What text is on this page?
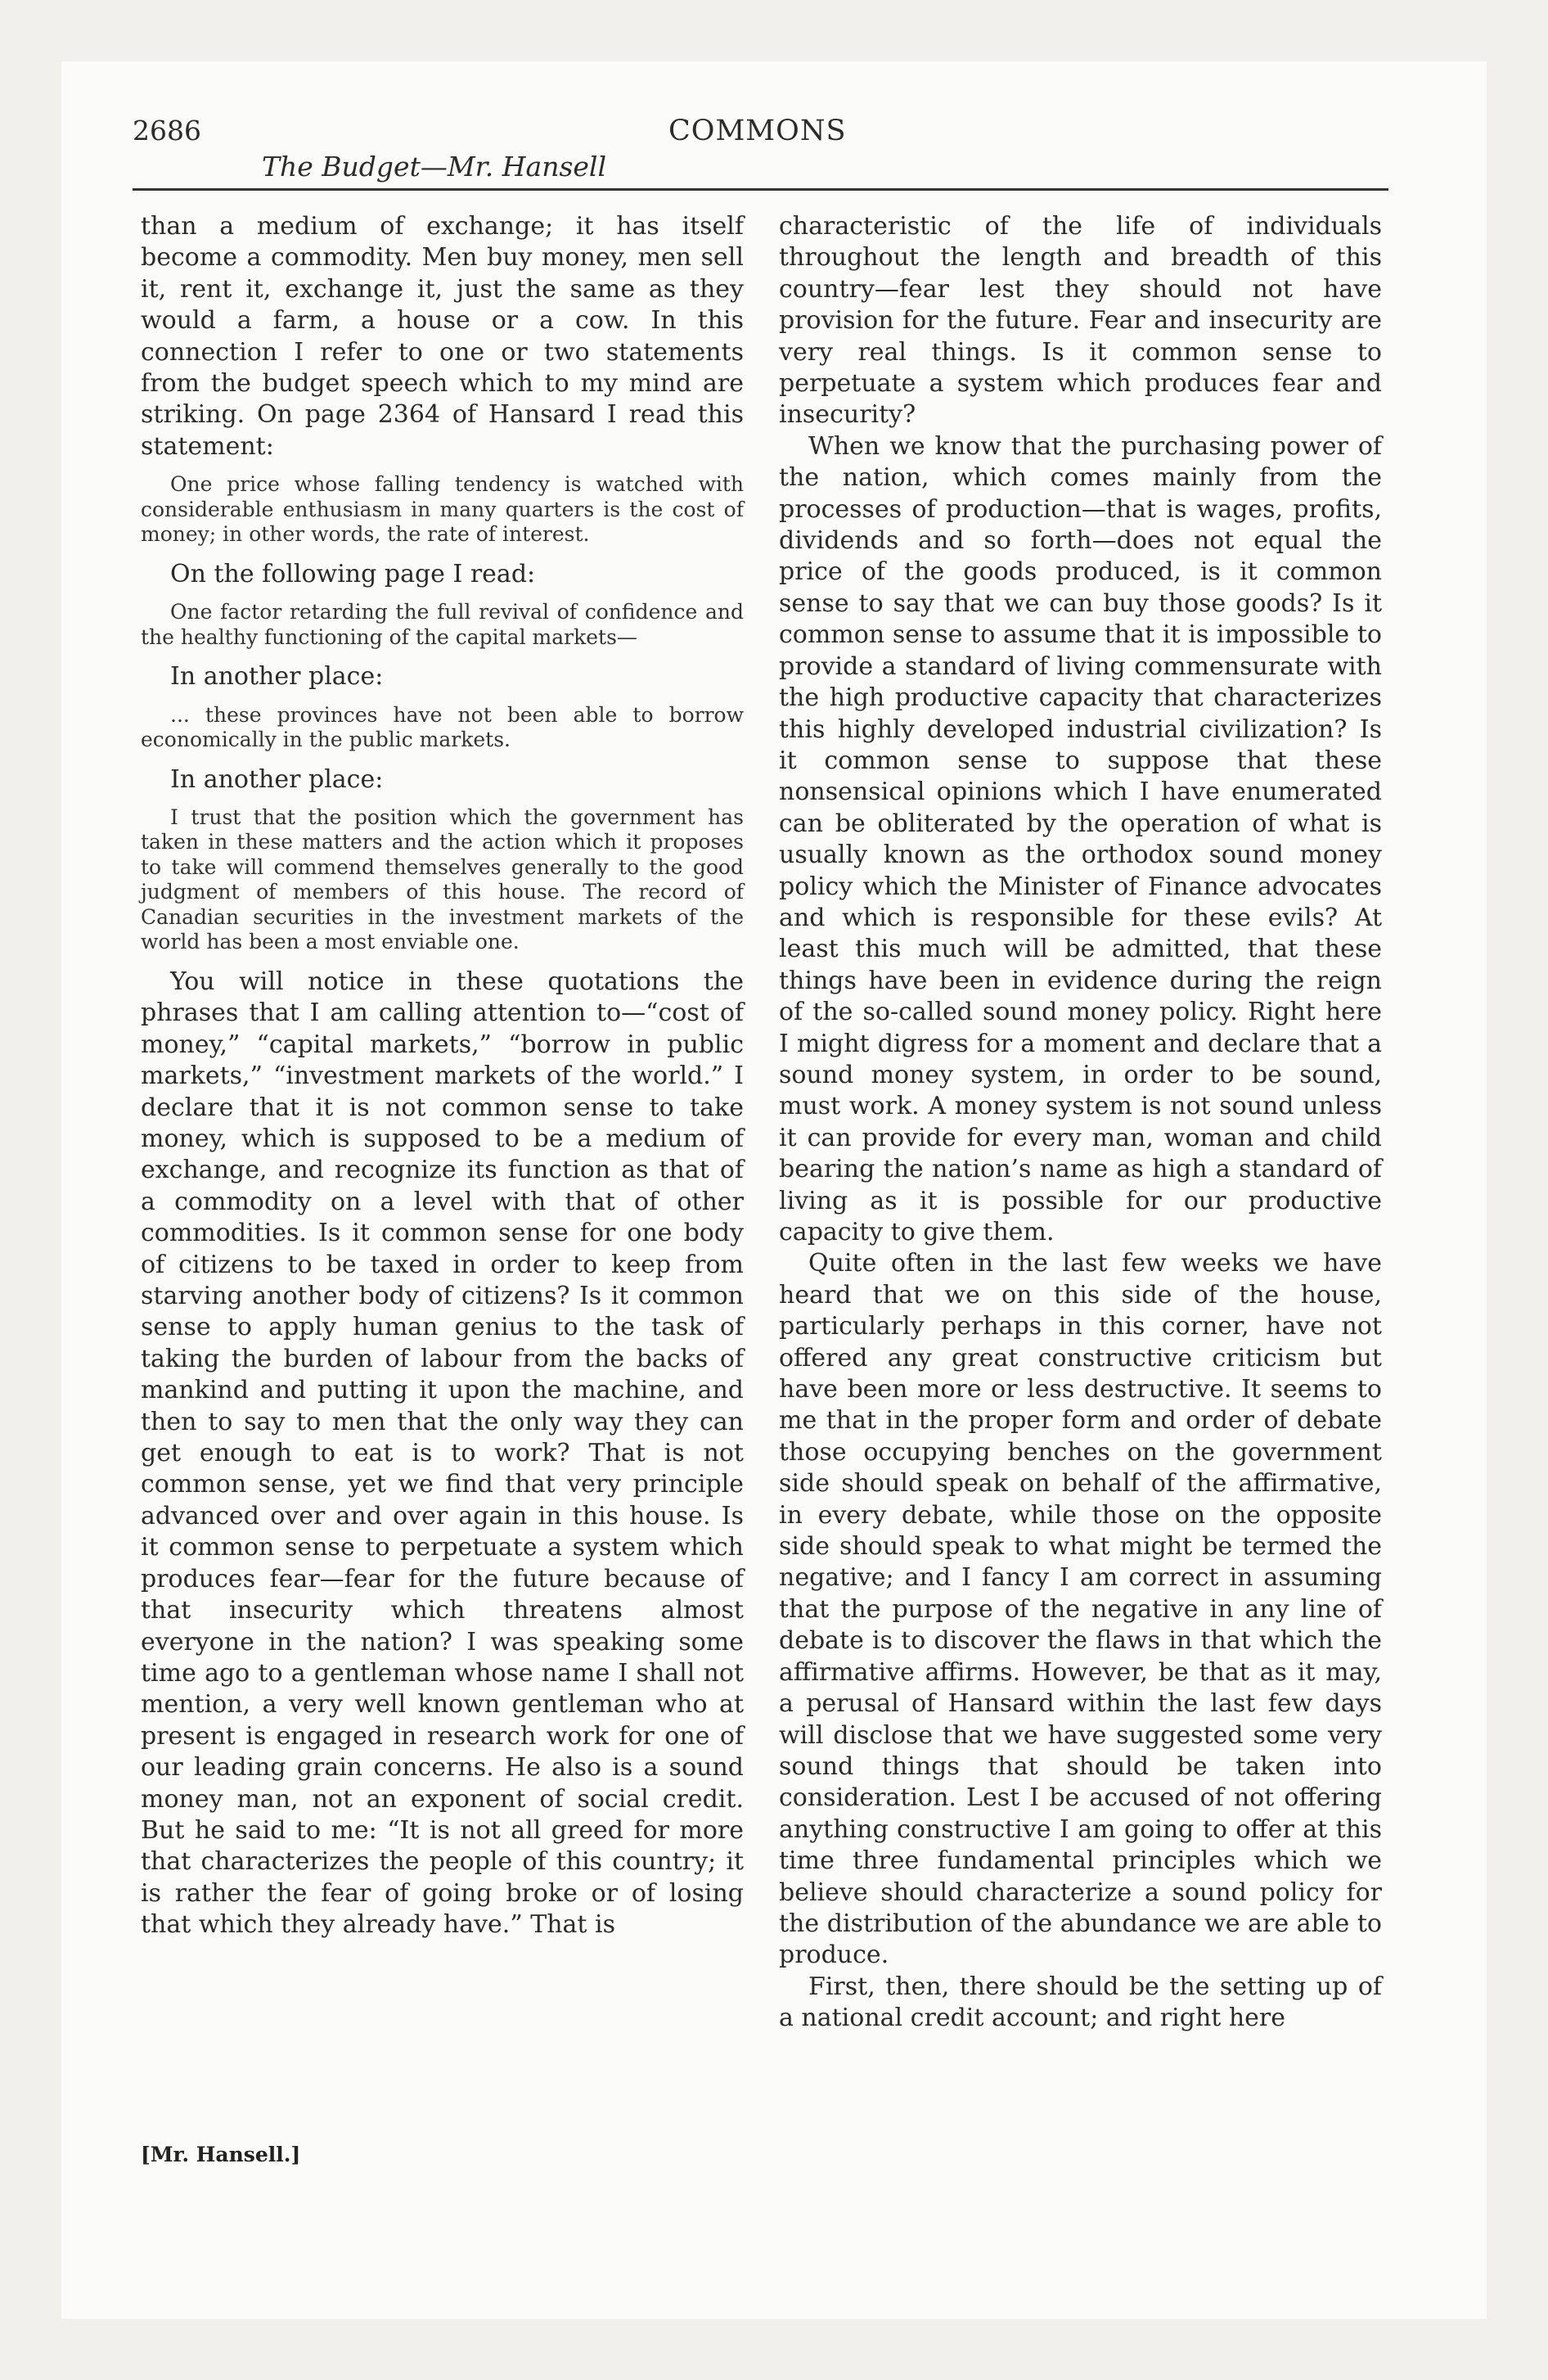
2686	COMMONS
The Budget—Mr. Hansell

than a medium of exchange; it has itself become a commodity. Men buy money, men sell it, rent it, exchange it, just the same as they would a farm, a house or a cow. In this connection I refer to one or two statements from the budget speech which to my mind are striking. On page 2364 of Hansard I read this statement:

One price whose falling tendency is watched with considerable enthusiasm in many quarters is the cost of money; in other words, the rate of interest.

On the following page I read:

One factor retarding the full revival of confidence and the healthy functioning of the capital markets—

In another place:

... these provinces have not been able to borrow economically in the public markets.

In another place:

I trust that the position which the government has taken in these matters and the action which it proposes to take will commend themselves generally to the good judgment of members of this house. The record of Canadian securities in the investment markets of the world has been a most enviable one.

You will notice in these quotations the phrases that I am calling attention to—“cost of money,” “capital markets,” “borrow in public markets,” “investment markets of the world.” I declare that it is not common sense to take money, which is supposed to be a medium of exchange, and recognize its function as that of a commodity on a level with that of other commodities. Is it common sense for one body of citizens to be taxed in order to keep from starving another body of citizens? Is it common sense to apply human genius to the task of taking the burden of labour from the backs of mankind and putting it upon the machine, and then to say to men that the only way they can get enough to eat is to work? That is not common sense, yet we find that very principle advanced over and over again in this house. Is it common sense to perpetuate a system which produces fear—fear for the future because of that insecurity which threatens almost everyone in the nation? I was speaking some time ago to a gentleman whose name I shall not mention, a very well known gentleman who at present is engaged in research work for one of our leading grain concerns. He also is a sound money man, not an exponent of social credit. But he said to me: “It is not all greed for more that characterizes the people of this country; it is rather the fear of going broke or of losing that which they already have.” That is

characteristic of the life of individuals throughout the length and breadth of this country—fear lest they should not have provision for the future. Fear and insecurity are very real things. Is it common sense to perpetuate a system which produces fear and insecurity?

When we know that the purchasing power of the nation, which comes mainly from the processes of production—that is wages, profits, dividends and so forth—does not equal the price of the goods produced, is it common sense to say that we can buy those goods? Is it common sense to assume that it is impossible to provide a standard of living commensurate with the high productive capacity that characterizes this highly developed industrial civilization? Is it common sense to suppose that these nonsensical opinions which I have enumerated can be obliterated by the operation of what is usually known as the orthodox sound money policy which the Minister of Finance advocates and which is responsible for these evils? At least this much will be admitted, that these things have been in evidence during the reign of the so-called sound money policy. Right here I might digress for a moment and declare that a sound money system, in order to be sound, must work. A money system is not sound unless it can provide for every man, woman and child bearing the nation’s name as high a standard of living as it is possible for our productive capacity to give them.

Quite often in the last few weeks we have heard that we on this side of the house, particularly perhaps in this corner, have not offered any great constructive criticism but have been more or less destructive. It seems to me that in the proper form and order of debate those occupying benches on the government side should speak on behalf of the affirmative, in every debate, while those on the opposite side should speak to what might be termed the negative; and I fancy I am correct in assuming that the purpose of the negative in any line of debate is to discover the flaws in that which the affirmative affirms. However, be that as it may, a perusal of Hansard within the last few days will disclose that we have suggested some very sound things that should be taken into consideration. Lest I be accused of not offering anything constructive I am going to offer at this time three fundamental principles which we believe should characterize a sound policy for the distribution of the abundance we are able to produce.

First, then, there should be the setting up of a national credit account; and right here

[Mr. Hansell.]
